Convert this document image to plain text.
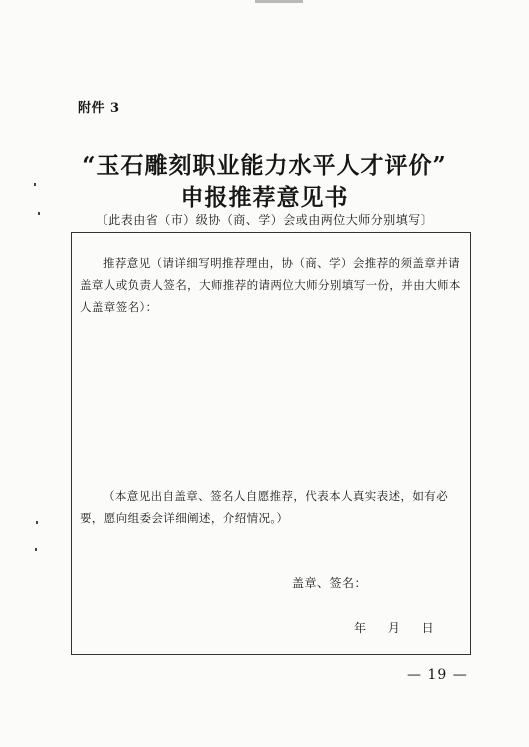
附件 3
“玉石雕刻职业能力水平人才评价”
申报推荐意见书
〔此表由省（市）级协（商、学）会或由两位大师分别填写〕
推荐意见（请详细写明推荐理由，协（商、学）会推荐的须盖章并请盖章人或负责人签名，大师推荐的请两位大师分别填写一份，并由大师本人盖章签名）：
（本意见出自盖章、签名人自愿推荐，代表本人真实表述，如有必要，愿向组委会详细阐述，介绍情况。）
盖章、签名：
年 月 日
— 19 —
